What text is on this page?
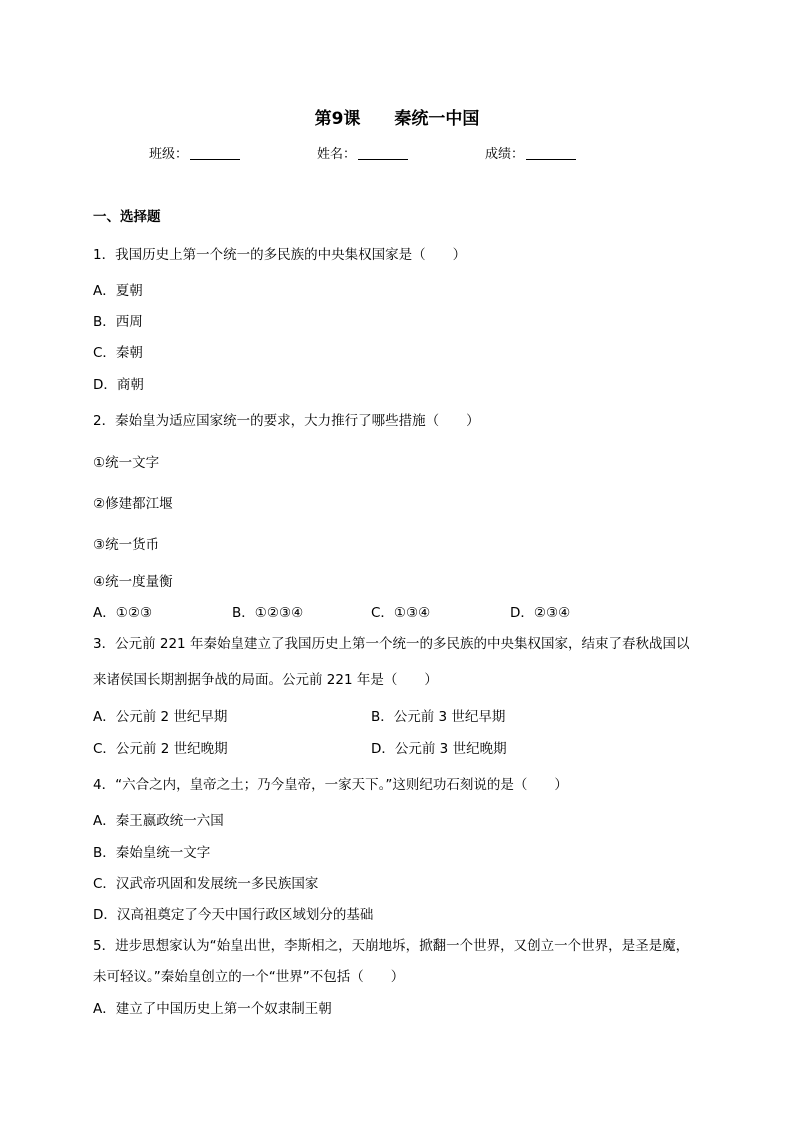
第9课 秦统一中国
班级：	姓名：	成绩：
一、选择题
1．我国历史上第一个统一的多民族的中央集权国家是（　　）
A．夏朝
B．西周
C．秦朝
D．商朝
2．秦始皇为适应国家统一的要求，大力推行了哪些措施（　　）
①统一文字
②修建都江堰
③统一货币
④统一度量衡
A．①②③	B．①②③④	C．①③④	D．②③④
3．公元前 221 年秦始皇建立了我国历史上第一个统一的多民族的中央集权国家，结束了春秋战国以
来诸侯国长期割据争战的局面。公元前 221 年是（　　）
A．公元前 2 世纪早期	B．公元前 3 世纪早期
C．公元前 2 世纪晚期	D．公元前 3 世纪晚期
4．“六合之内，皇帝之土；乃今皇帝，一家天下。”这则纪功石刻说的是（　　）
A．秦王嬴政统一六国
B．秦始皇统一文字
C．汉武帝巩固和发展统一多民族国家
D．汉高祖奠定了今天中国行政区域划分的基础
5．进步思想家认为“始皇出世，李斯相之，天崩地坼，掀翻一个世界，又创立一个世界，是圣是魔，
未可轻议。”秦始皇创立的一个“世界”不包括（　　）
A．建立了中国历史上第一个奴隶制王朝
